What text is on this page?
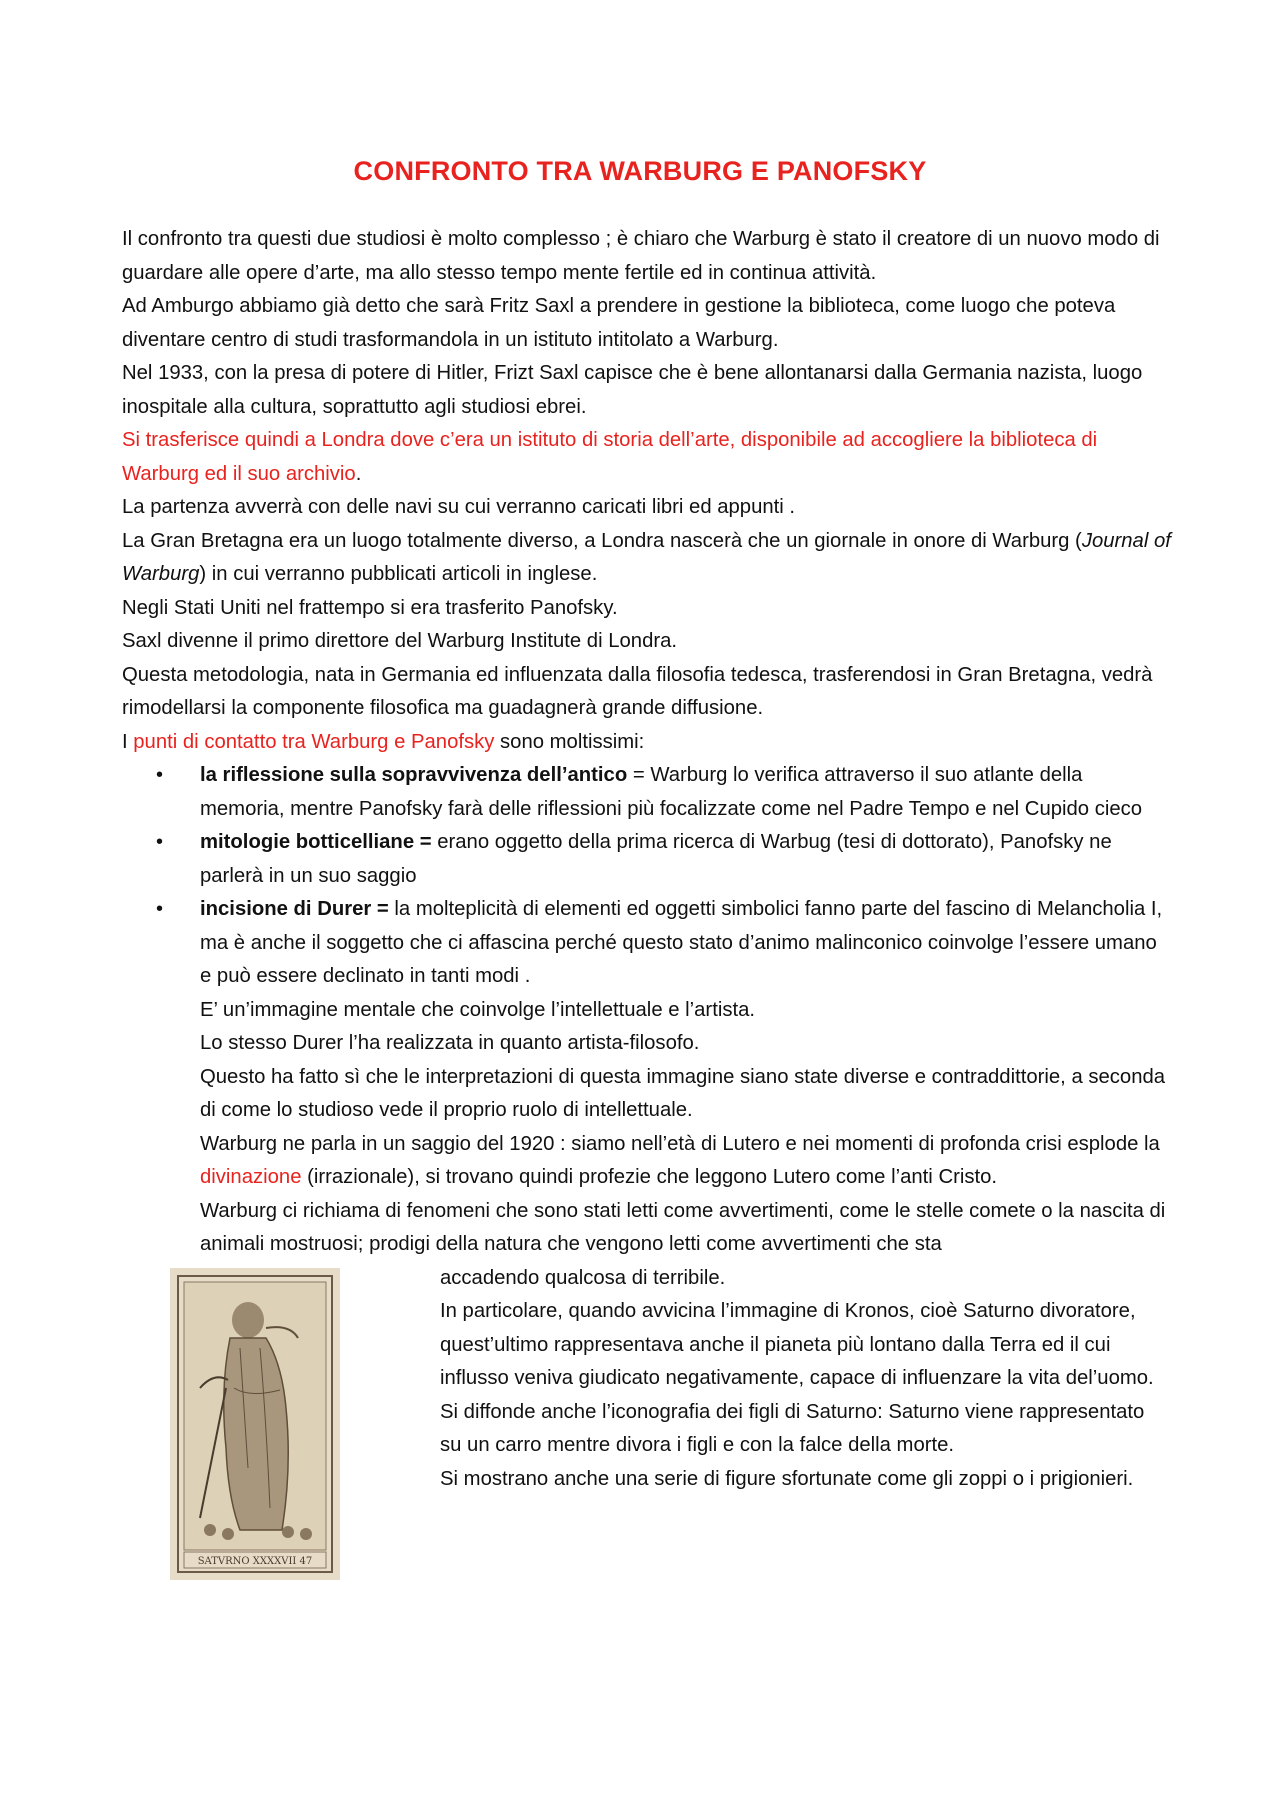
CONFRONTO TRA WARBURG E PANOFSKY

Il confronto tra questi due studiosi è molto complesso ; è chiaro che Warburg è stato il creatore di un nuovo modo di guardare alle opere d’arte, ma allo stesso tempo mente fertile ed in continua attività.

Ad Amburgo abbiamo già detto che sarà Fritz Saxl a prendere in gestione la biblioteca, come luogo che poteva diventare centro di studi trasformandola in un istituto intitolato a Warburg.

Nel 1933, con la presa di potere di Hitler, Frizt Saxl capisce che è bene allontanarsi dalla Germania nazista, luogo inospitale alla cultura, soprattutto agli studiosi ebrei.

Si trasferisce quindi a Londra dove c’era un istituto di storia dell’arte, disponibile ad accogliere la biblioteca di Warburg ed il suo archivio.

La partenza avverrà con delle navi su cui verranno caricati libri ed appunti .

La Gran Bretagna era un luogo totalmente diverso, a Londra nascerà che un giornale in onore di Warburg (Journal of Warburg) in cui verranno pubblicati articoli in inglese.

Negli Stati Uniti nel frattempo si era trasferito Panofsky.

Saxl divenne il primo direttore del Warburg Institute di Londra.

Questa metodologia, nata in Germania ed influenzata dalla filosofia tedesca, trasferendosi in Gran Bretagna, vedrà rimodellarsi la componente filosofica ma guadagnerà grande diffusione.

I punti di contatto tra Warburg e Panofsky sono moltissimi:

• la riflessione sulla sopravvivenza dell’antico = Warburg lo verifica attraverso il suo atlante della memoria, mentre Panofsky farà delle riflessioni più focalizzate come nel Padre Tempo e nel Cupido cieco
• mitologie botticelliane = erano oggetto della prima ricerca di Warbug (tesi di dottorato), Panofsky ne parlerà in un suo saggio
• incisione di Durer = la molteplicità di elementi ed oggetti simbolici fanno parte del fascino di Melancholia I, ma è anche il soggetto che ci affascina perché questo stato d’animo malinconico coinvolge l’essere umano e può essere declinato in tanti modi .

E’ un’immagine mentale che coinvolge l’intellettuale e l’artista.

Lo stesso Durer l’ha realizzata in quanto artista-filosofo.

Questo ha fatto sì che le interpretazioni di questa immagine siano state diverse e contraddittorie, a seconda di come lo studioso vede il proprio ruolo di intellettuale.

Warburg ne parla in un saggio del 1920 : siamo nell’età di Lutero e nei momenti di profonda crisi esplode la divinazione (irrazionale), si trovano quindi profezie che leggono Lutero come l’anti Cristo.

Warburg ci richiama di fenomeni che sono stati letti come avvertimenti, come le stelle comete o la nascita di animali mostruosi; prodigi della natura che vengono letti come avvertimenti che sta

SATVRNO XXXXVII 47

accadendo qualcosa di terribile.

In particolare, quando avvicina l’immagine di Kronos, cioè Saturno divoratore, quest’ultimo rappresentava anche il pianeta più lontano dalla Terra ed il cui influsso veniva giudicato negativamente, capace di influenzare la vita del’uomo.

Si diffonde anche l’iconografia dei figli di Saturno: Saturno viene rappresentato su un carro mentre divora i figli e con la falce della morte.

Si mostrano anche una serie di figure sfortunate come gli zoppi o i prigionieri.
